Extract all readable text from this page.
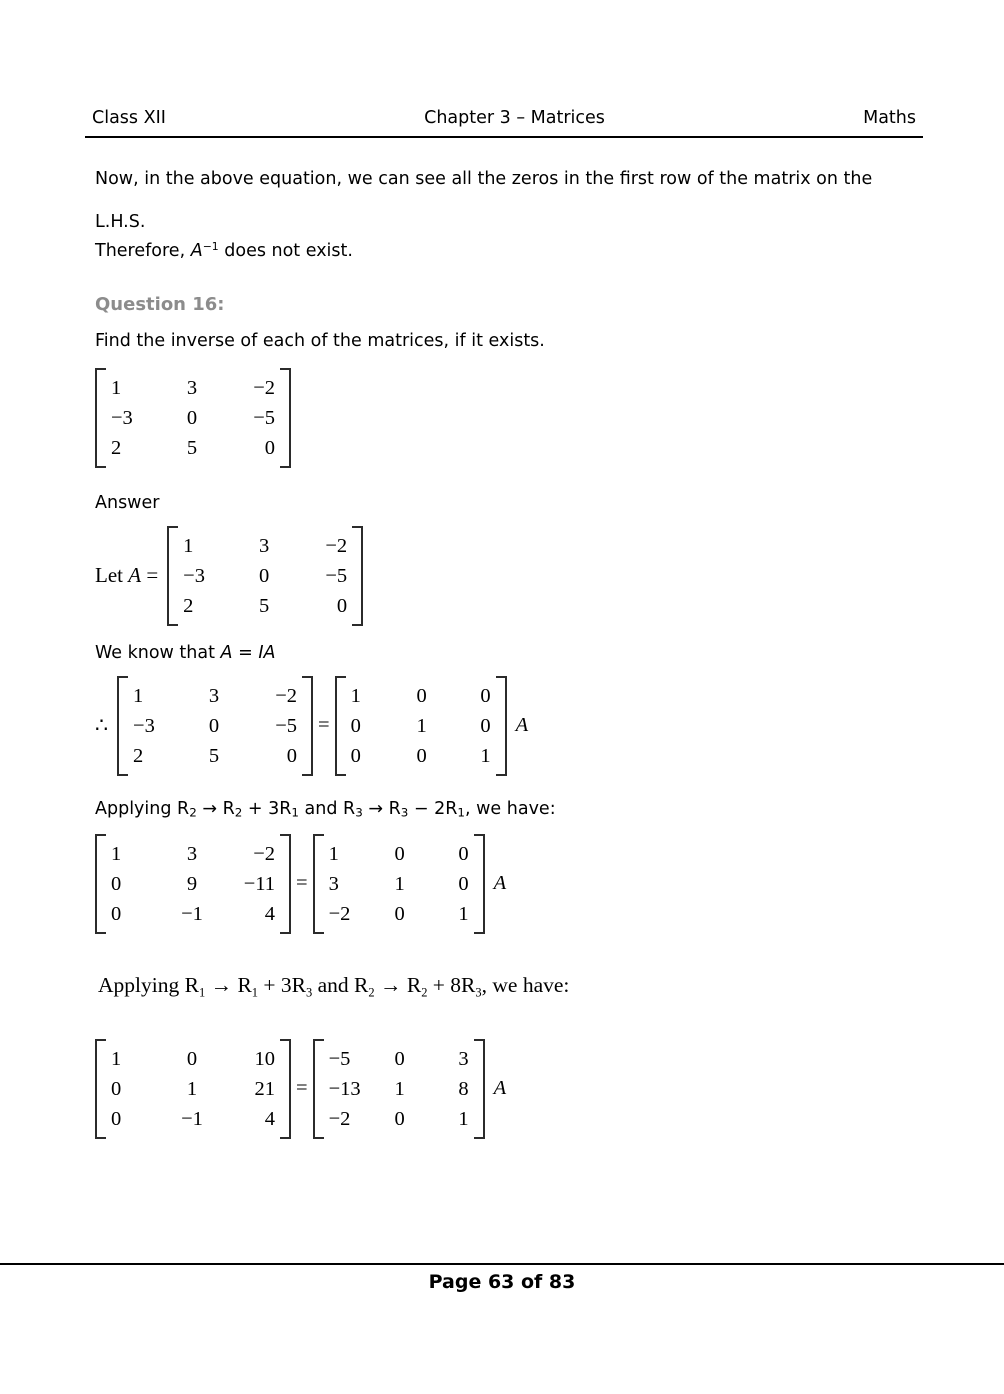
Class XII	Chapter 3 – Matrices	Maths

Now, in the above equation, we can see all the zeros in the first row of the matrix on the
L.H.S.

Therefore, $A^{-1}$ does not exist.

Question 16:

Find the inverse of each of the matrices, if it exists.

1	3	−2
−3	0	−5
2	5	0

Answer

Let A =
1	3	−2
−3	0	−5
2	5	0

We know that A = IA

∴
1	3	−2
−3	0	−5
2	5	0
=
1	0	0
0	1	0
0	0	1
A

Applying R2 → R2 + 3R1 and R3 → R3 − 2R1, we have:

1	3	−2
0	9	−11
0	−1	4
=
1	0	0
3	1	0
−2	0	1
A

Applying $R_1 \to R_1 + 3R_3$ and $R_2 \to R_2 + 8R_3$, we have:

1	0	10
0	1	21
0	−1	4
=
−5	0	3
−13	1	8
−2	0	1
A
Page 63 of 83
